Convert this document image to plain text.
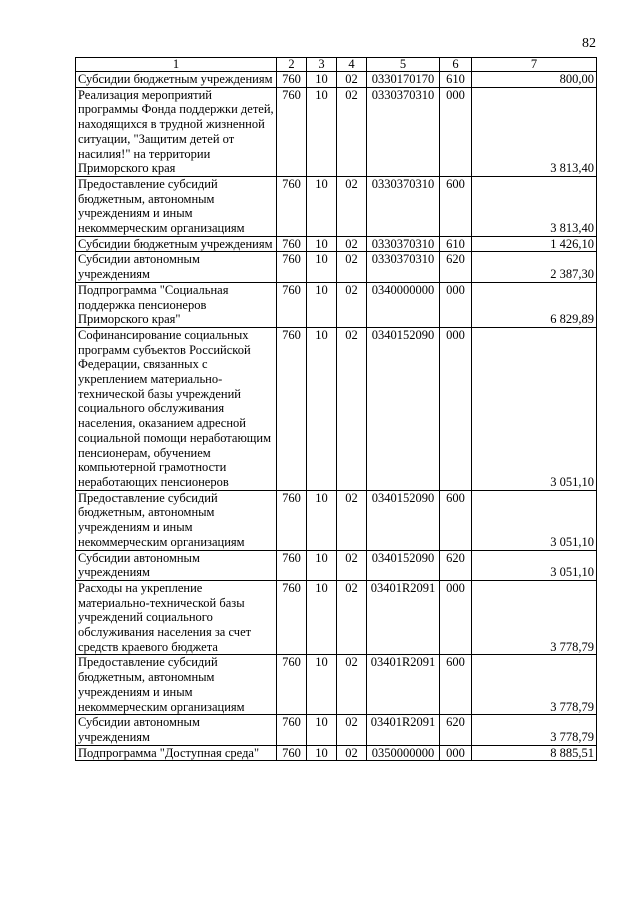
82
1	2	3	4	5	6	7
Субсидии бюджетным учреждениям	760	10	02	0330170170	610	800,00
Реализация мероприятий программы Фонда поддержки детей, находящихся в трудной жизненной ситуации, "Защитим детей от насилия!" на территории Приморского края	760	10	02	0330370310	000	3 813,40
Предоставление субсидий бюджетным, автономным учреждениям и иным некоммерческим организациям	760	10	02	0330370310	600	3 813,40
Субсидии бюджетным учреждениям	760	10	02	0330370310	610	1 426,10
Субсидии автономным учреждениям	760	10	02	0330370310	620	2 387,30
Подпрограмма "Социальная поддержка пенсионеров Приморского края"	760	10	02	0340000000	000	6 829,89
Софинансирование социальных программ субъектов Российской Федерации, связанных с укреплением материально-технической базы учреждений социального обслуживания населения, оказанием адресной социальной помощи неработающим пенсионерам, обучением компьютерной грамотности неработающих пенсионеров	760	10	02	0340152090	000	3 051,10
Предоставление субсидий бюджетным, автономным учреждениям и иным некоммерческим организациям	760	10	02	0340152090	600	3 051,10
Субсидии автономным учреждениям	760	10	02	0340152090	620	3 051,10
Расходы на укрепление материально-технической базы учреждений социального обслуживания населения за счет средств краевого бюджета	760	10	02	03401R2091	000	3 778,79
Предоставление субсидий бюджетным, автономным учреждениям и иным некоммерческим организациям	760	10	02	03401R2091	600	3 778,79
Субсидии автономным учреждениям	760	10	02	03401R2091	620	3 778,79
Подпрограмма "Доступная среда"	760	10	02	0350000000	000	8 885,51
